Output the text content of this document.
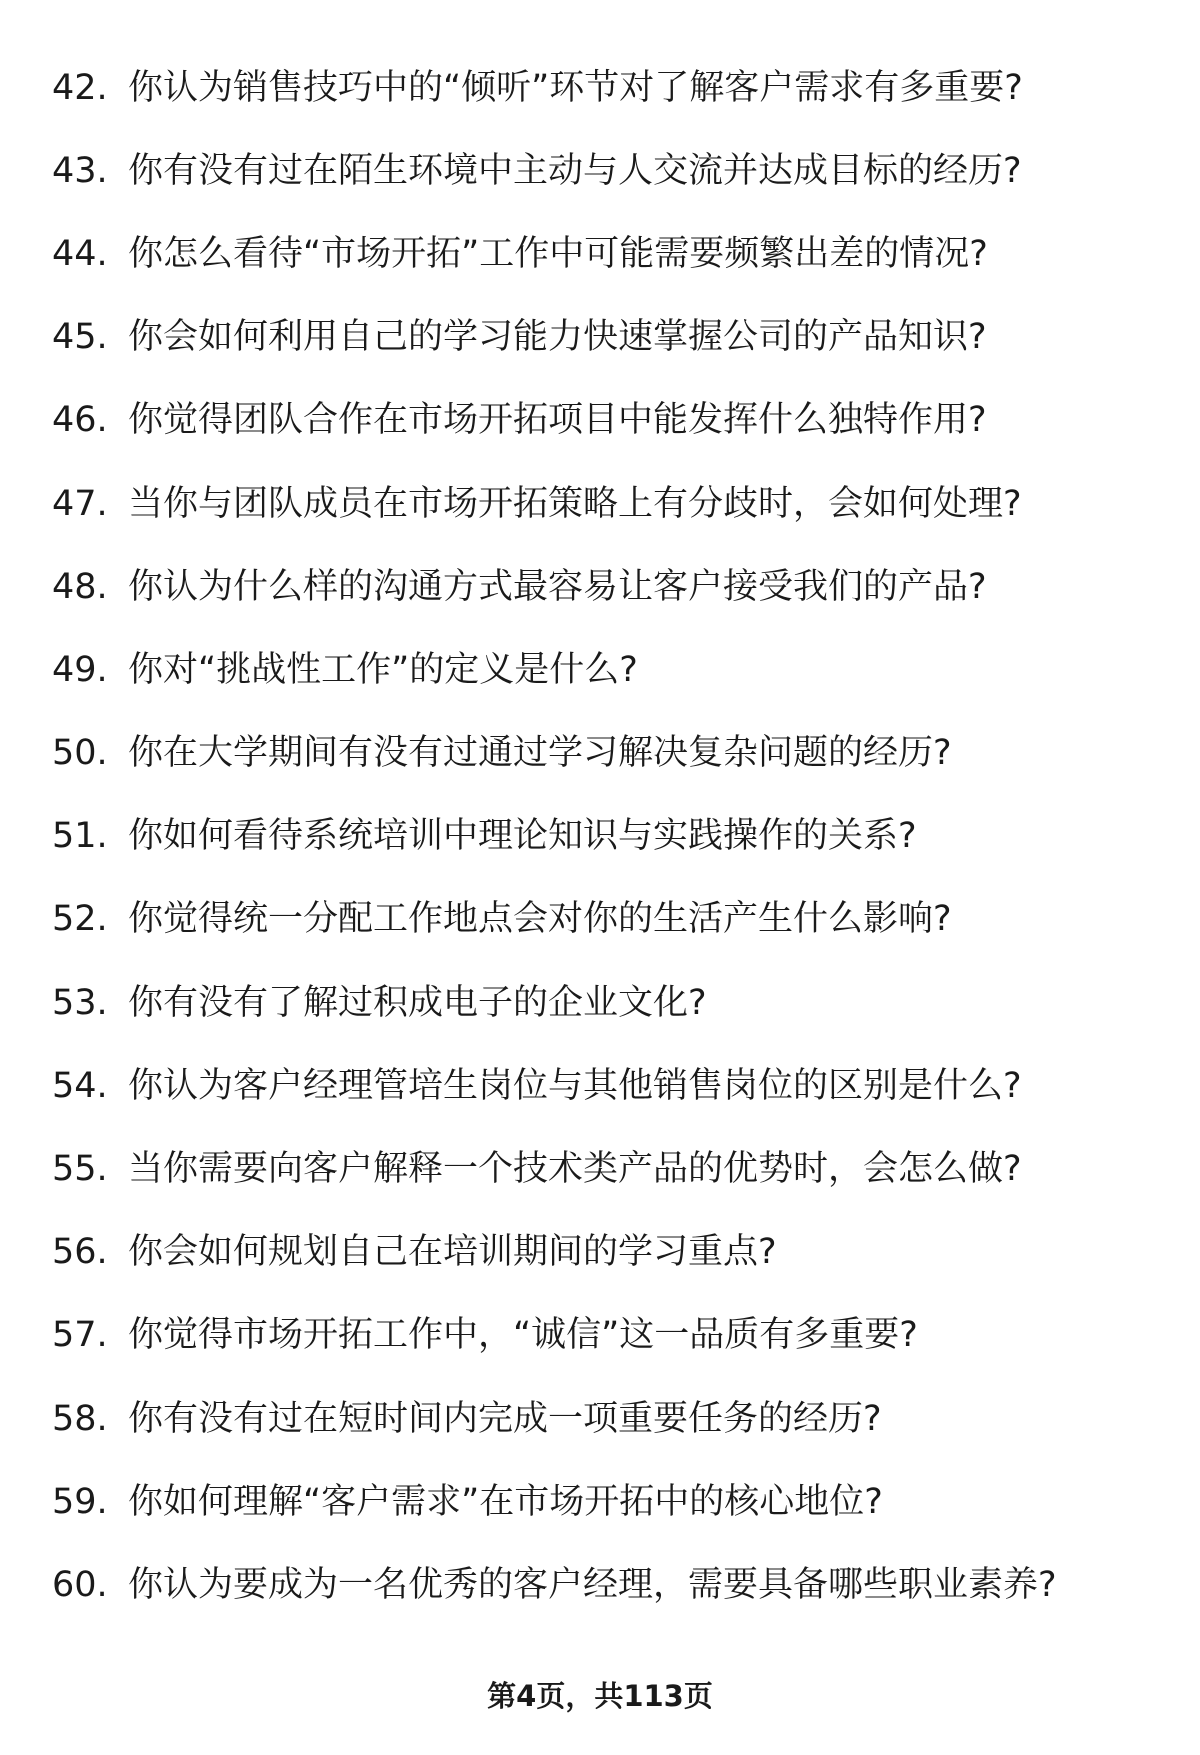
42. 你认为销售技巧中的“倾听”环节对了解客户需求有多重要?
43. 你有没有过在陌生环境中主动与人交流并达成目标的经历?
44. 你怎么看待“市场开拓”工作中可能需要频繁出差的情况?
45. 你会如何利用自己的学习能力快速掌握公司的产品知识?
46. 你觉得团队合作在市场开拓项目中能发挥什么独特作用?
47. 当你与团队成员在市场开拓策略上有分歧时，会如何处理?
48. 你认为什么样的沟通方式最容易让客户接受我们的产品?
49. 你对“挑战性工作”的定义是什么?
50. 你在大学期间有没有过通过学习解决复杂问题的经历?
51. 你如何看待系统培训中理论知识与实践操作的关系?
52. 你觉得统一分配工作地点会对你的生活产生什么影响?
53. 你有没有了解过积成电子的企业文化?
54. 你认为客户经理管培生岗位与其他销售岗位的区别是什么?
55. 当你需要向客户解释一个技术类产品的优势时，会怎么做?
56. 你会如何规划自己在培训期间的学习重点?
57. 你觉得市场开拓工作中，“诚信”这一品质有多重要?
58. 你有没有过在短时间内完成一项重要任务的经历?
59. 你如何理解“客户需求”在市场开拓中的核心地位?
60. 你认为要成为一名优秀的客户经理，需要具备哪些职业素养?
第4页，共113页
